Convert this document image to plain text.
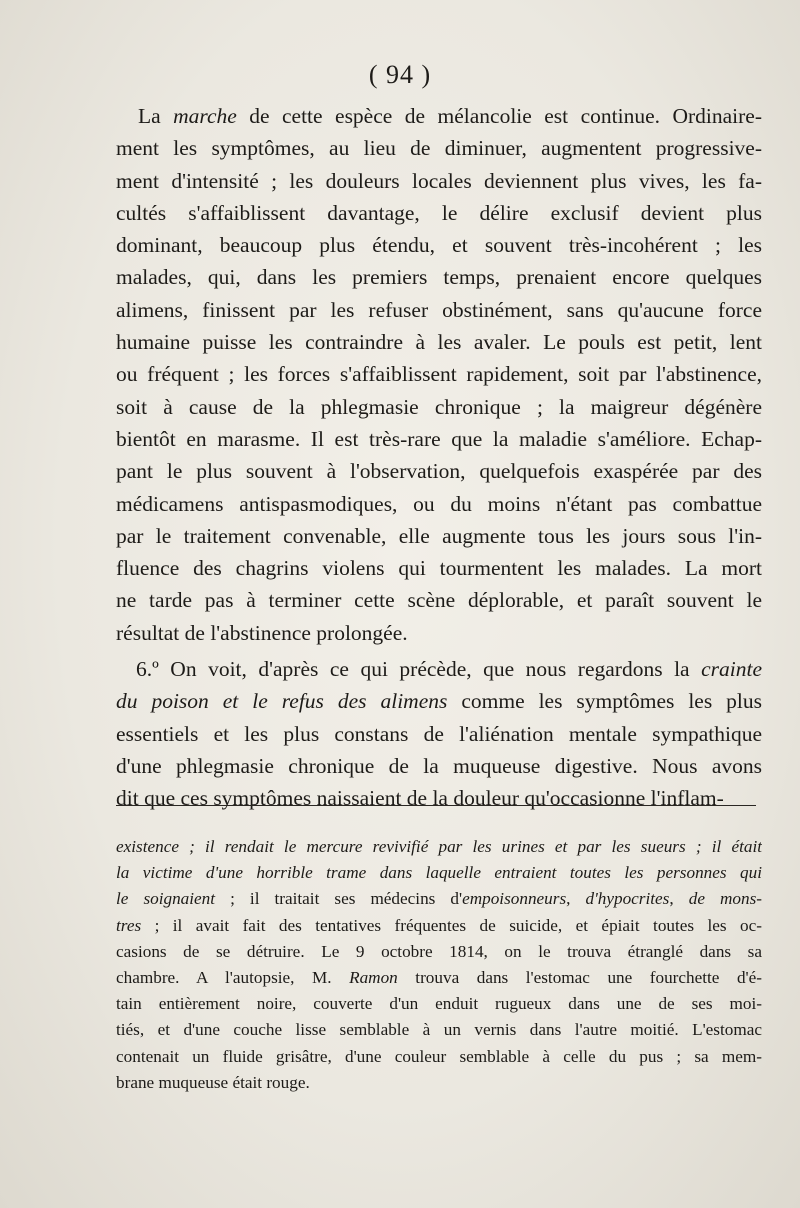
( 94 )
La marche de cette espèce de mélancolie est continue. Ordinaire-
ment les symptômes, au lieu de diminuer, augmentent progressive-
ment d'intensité ; les douleurs locales deviennent plus vives, les fa-
cultés s'affaiblissent davantage, le délire exclusif devient plus
dominant, beaucoup plus étendu, et souvent très-incohérent ; les
malades, qui, dans les premiers temps, prenaient encore quelques
alimens, finissent par les refuser obstinément, sans qu'aucune force
humaine puisse les contraindre à les avaler. Le pouls est petit, lent
ou fréquent ; les forces s'affaiblissent rapidement, soit par l'abstinence,
soit à cause de la phlegmasie chronique ; la maigreur dégénère
bientôt en marasme. Il est très-rare que la maladie s'améliore. Echap-
pant le plus souvent à l'observation, quelquefois exaspérée par des
médicamens antispasmodiques, ou du moins n'étant pas combattue
par le traitement convenable, elle augmente tous les jours sous l'in-
fluence des chagrins violens qui tourmentent les malades. La mort
ne tarde pas à terminer cette scène déplorable, et paraît souvent le
résultat de l'abstinence prolongée.
6.º On voit, d'après ce qui précède, que nous regardons la crainte
du poison et le refus des alimens comme les symptômes les plus
essentiels et les plus constans de l'aliénation mentale sympathique
d'une phlegmasie chronique de la muqueuse digestive. Nous avons
dit que ces symptômes naissaient de la douleur qu'occasionne l'inflam-
existence ; il rendait le mercure revivifié par les urines et par les sueurs ; il était
la victime d'une horrible trame dans laquelle entraient toutes les personnes qui
le soignaient ; il traitait ses médecins d'empoisonneurs, d'hypocrites, de mons-
tres ; il avait fait des tentatives fréquentes de suicide, et épiait toutes les oc-
casions de se détruire. Le 9 octobre 1814, on le trouva étranglé dans sa
chambre. A l'autopsie, M. Ramon trouva dans l'estomac une fourchette d'é-
tain entièrement noire, couverte d'un enduit rugueux dans une de ses moi-
tiés, et d'une couche lisse semblable à un vernis dans l'autre moitié. L'estomac
contenait un fluide grisâtre, d'une couleur semblable à celle du pus ; sa mem-
brane muqueuse était rouge.
